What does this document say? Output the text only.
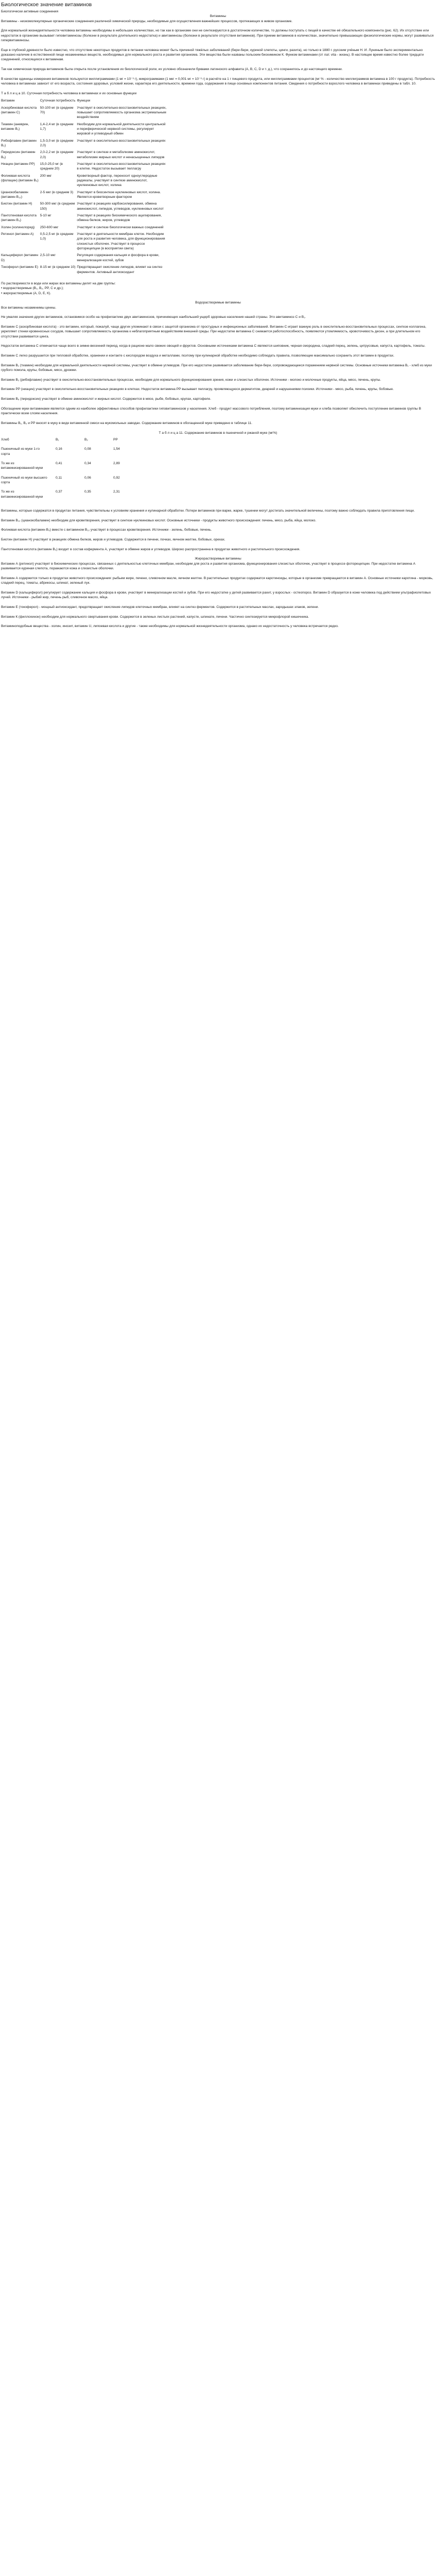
Биологическое значение витаминов
Биологически активные соединения
Витамины

Витамины - низкомолекулярные органические соединения различной химической природы, необходимые для осуществления важнейших процессов, протекающих в живом организме.

Для нормальной жизнедеятельности человека витамины необходимы в небольших количествах, но так как в организме они не синтезируются в достаточном количестве, то должны поступать с пищей в качестве её обязательного компонента (рис. 62). Их отсутствие или недостаток в организме вызывает гиповитаминозы (болезни в результате длительного недостатка) и авитаминозы (болезни в результате отсутствия витаминов). При приеме витаминов в количествах, значительно превышающих физиологические нормы, могут развиваться гипервитаминозы.

Еще в глубокой древности было известно, что отсутствие некоторых продуктов в питании человека может быть причиной тяжёлых заболеваний (бери-бери, куриной слепоты, цинги, рахита), но только в 1880 г. русским учёным Н. И. Луниным было экспериментально доказано наличие в естественной пище незаменимых веществ, необходимых для нормального роста и развития организма. Эти вещества были названы польским биохимиком К. Функом витаминами (от лат. vita - жизнь). В настоящее время известно более тридцати соединений, относящихся к витаминам.

Так как химическая природа витаминов была открыта после установления их биологической роли, их условно обозначили буквами латинского алфавита (A, B, C, D и т. д.), что сохранилось и до настоящего времени.

В качестве единицы измерения витаминов пользуются миллиграммами (1 мг = 10⁻³ г), микрограммами (1 мкг = 0,001 мг = 10⁻⁶ г) в расчёте на 1 г пищевого продукта, или миллиграммами процентов (мг % - количество миллиграммов витамина в 100 г продукта). Потребность человека в витаминах зависит от его возраста, состояния здоровья, условий жизни, характера его деятельности, времени года, содержания в пище основных компонентов питания. Сведения о потребности взрослого человека в витаминах приведены в табл. 10.

Т а б л и ц а 10. Суточная потребность человека в витаминах и их основные функции

Витамин	Суточная потребность	Функции
Аскорбиновая кислота (витамин С)	50-100 мг (в среднем 70)	Участвует в окислительно-восстановительных реакциях, повышает сопротивляемость организма экстремальным воздействиям
Тиамин (аневрин, витамин B₁)	1,4-2,4 мг (в среднем 1,7)	Необходим для нормальной деятельности центральной и периферической нервной системы, регулирует жировой и углеводный обмен
Рибофлавин (витамин B₂)	1,5-3,0 мг (в среднем 2,0)	Участвует в окислительно-восстановительных реакциях
Пиридоксин (витамин B₆)	2,0-2,2 мг (в среднем 2,0)	Участвует в синтезе и метаболизме аминокислот, метаболизме жирных кислот и ненасыщенных липидов
Ниацин (витамин PP)	15,0-25,0 мг (в среднем 20)	Участвует в окислительно-восстановительных реакциях в клетке. Недостаток вызывает пеллагру
Фолиевая кислота (фолацин) (витамин B₉)	200 мкг	Кроветворный фактор, переносит одноуглеродные радикалы, участвует в синтезе аминокислот, нуклеиновых кислот, холина
Цианокобаламин (витамин B₁₂)	2-5 мкг (в среднем 3)	Участвует в биосинтезе нуклеиновых кислот, холина. Является кроветворным фактором
Биотин (витамин Н)	50-300 мкг (в среднем 150)	Участвует в реакциях карбоксилирования, обмена аминокислот, липидов, углеводов, нуклеиновых кислот
Пантотеновая кислота (витамин B₃)	5-10 мг	Участвует в реакциях биохимического ацилирования, обмена белков, жиров, углеводов
Холин (холинхлорид)	250-600 мкг	Участвует в синтезе биологически важных соединений
Ретинол (витамин А)	0,5-2,5 мг (в среднем 1,0)	Участвует в деятельности мембран клеток. Необходим для роста и развития человека, для функционирования слизистых оболочек. Участвует в процессе фоторецепции (в восприятии света)
Кальциферол (витамин D)	2,5-10 мкг	Регуляция содержания кальция и фосфора в крови, минерализация костей, зубов
Токоферол (витамин Е)	8-15 мг (в среднем 10)	Предотвращает окисление липидов, влияет на синтез ферментов. Активный антиоксидант

По растворимости в воде или жирах все витамины делят на две группы:

• водорастворимые (B₁, B₂, PP, С и др.);
• жирорастворимые (A, D, Е, К).
Водорастворимые витамины

Все витамины незаменимы ценны.

Не умаляя значения других витаминов, остановимся особо на профилактике двух авитаминозов, причиняющих наибольший ущерб здоровью населения нашей страны. Это авитаминоз С и B₁.

Витамин С (аскорбиновая кислота) - это витамин, который, пожалуй, чаще других упоминают в связи с защитой организма от простудных и инфекционных заболеваний. Витамин С играет важную роль в окислительно-восстановительных процессах, синтезе коллагена, укрепляет стенки кровеносных сосудов, повышает сопротивляемость организма к неблагоприятным воздействиям внешней среды. При недостатке витамина С снижается работоспособность, появляются утомляемость, кровоточивость десен, а при длительном его отсутствии развивается цинга.

Недостаток витамина С отмечается чаще всего в зимне-весенний период, когда в рационе мало свежих овощей и фруктов. Основными источниками витамина С являются шиповник, черная смородина, сладкий перец, зелень, цитрусовые, капуста, картофель, томаты.

Витамин С легко разрушается при тепловой обработке, хранении и контакте с кислородом воздуха и металлами, поэтому при кулинарной обработке необходимо соблюдать правила, позволяющие максимально сохранить этот витамин в продуктах.

Витамин B₁ (тиамин) необходим для нормальной деятельности нервной системы, участвует в обмене углеводов. При его недостатке развивается заболевание бери-бери, сопровождающееся поражением нервной системы. Основные источники витамина B₁ - хлеб из муки грубого помола, крупы, бобовые, мясо, дрожжи.

Витамин B₂ (рибофлавин) участвует в окислительно-восстановительных процессах, необходим для нормального функционирования зрения, кожи и слизистых оболочек. Источники - молоко и молочные продукты, яйца, мясо, печень, крупы.

Витамин PP (ниацин) участвует в окислительно-восстановительных реакциях в клетках. Недостаток витамина PP вызывает пеллагру, проявляющуюся дерматитом, диареей и нарушениями психики. Источники - мясо, рыба, печень, крупы, бобовые.

Витамин B₆ (пиридоксин) участвует в обмене аминокислот и жирных кислот. Содержится в мясе, рыбе, бобовых, крупах, картофеле.

Обогащение муки витаминами является одним из наиболее эффективных способов профилактики гиповитаминозов у населения. Хлеб - продукт массового потребления, поэтому витаминизация муки и хлеба позволяет обеспечить поступление витаминов группы B практически всем слоям населения.

Витамины B₁, B₂ и PP вносят в муку в виде витаминной смеси на мукомольных заводах. Содержание витаминов в обогащенной муке приведено в таблице 11.

Т а б л и ц а 11. Содержание витаминов в пшеничной и ржаной муке (мг%)

Хлеб	B₁	B₂	PP
Пшеничный из муки 1-го сорта	0,16	0,08	1,54
То же из витаминизированной муки	0,41	0,34	2,89
Пшеничный из муки высшего сорта	0,11	0,06	0,92
То же из витаминизированной муки	0,37	0,35	2,31

Витамины, которые содержатся в продуктах питания, чувствительны к условиям хранения и кулинарной обработки. Потери витаминов при варке, жарке, тушении могут достигать значительной величины, поэтому важно соблюдать правила приготовления пищи.

Витамин B₁₂ (цианокобаламин) необходим для кроветворения, участвует в синтезе нуклеиновых кислот. Основные источники - продукты животного происхождения: печень, мясо, рыба, яйца, молоко.

Фолиевая кислота (витамин B₉) вместе с витамином B₁₂ участвует в процессах кроветворения. Источники - зелень, бобовые, печень.

Биотин (витамин Н) участвует в реакциях обмена белков, жиров и углеводов. Содержится в печени, почках, яичном желтке, бобовых, орехах.

Пантотеновая кислота (витамин B₃) входит в состав кофермента А, участвует в обмене жиров и углеводов. Широко распространена в продуктах животного и растительного происхождения.

Жирорастворимые витамины

Витамин А (ретинол) участвует в биохимических процессах, связанных с деятельностью клеточных мембран, необходим для роста и развития организма, функционирования слизистых оболочек, участвует в процессе фоторецепции. При недостатке витамина А развивается куриная слепота, поражаются кожа и слизистые оболочки.

Витамин А содержится только в продуктах животного происхождения: рыбьем жире, печени, сливочном масле, яичном желтке. В растительных продуктах содержатся каротиноиды, которые в организме превращаются в витамин А. Основные источники каротина - морковь, сладкий перец, томаты, абрикосы, шпинат, зеленый лук.

Витамин D (кальциферол) регулирует содержание кальция и фосфора в крови, участвует в минерализации костей и зубов. При его недостатке у детей развивается рахит, у взрослых - остеопороз. Витамин D образуется в коже человека под действием ультрафиолетовых лучей. Источники - рыбий жир, печень рыб, сливочное масло, яйца.

Витамин Е (токоферол) - мощный антиоксидант, предотвращает окисление липидов клеточных мембран, влияет на синтез ферментов. Содержится в растительных маслах, зародышах злаков, зелени.

Витамин К (филлохинон) необходим для нормального свертывания крови. Содержится в зеленых листьях растений, капусте, шпинате, печени. Частично синтезируется микрофлорой кишечника.

Витаминоподобные вещества - холин, инозит, витамин U, липоевая кислота и другие - также необходимы для нормальной жизнедеятельности организма, однако их недостаточность у человека встречается редко.
